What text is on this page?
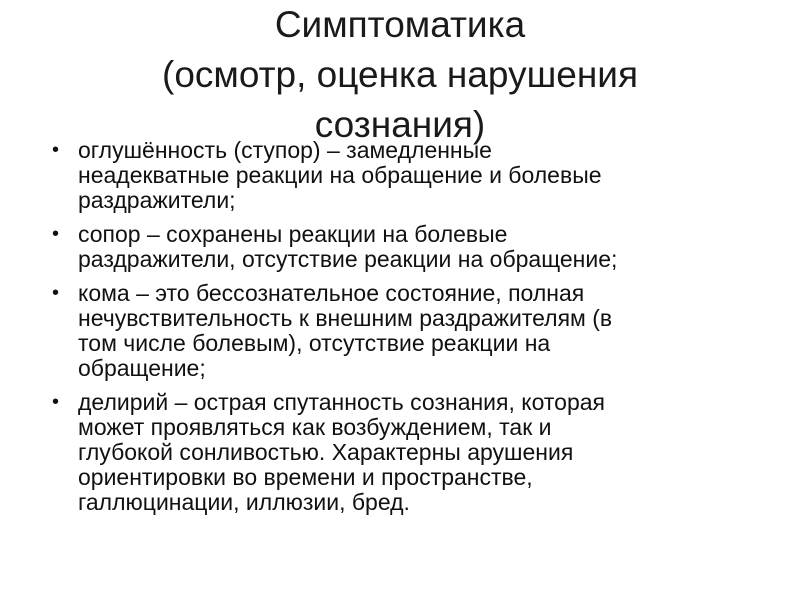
Симптоматика
(осмотр, оценка нарушения
сознания)
• оглушённость (ступор) – замедленные
неадекватные реакции на обращение и болевые
раздражители;
• сопор – сохранены реакции на болевые
раздражители, отсутствие реакции на обращение;
• кома – это бессознательное состояние, полная
нечувствительность к внешним раздражителям (в
том числе болевым), отсутствие реакции на
обращение;
• делирий – острая спутанность сознания, которая
может проявляться как возбуждением, так и
глубокой сонливостью. Характерны арушения
ориентировки во времени и пространстве,
галлюцинации, иллюзии, бред.
